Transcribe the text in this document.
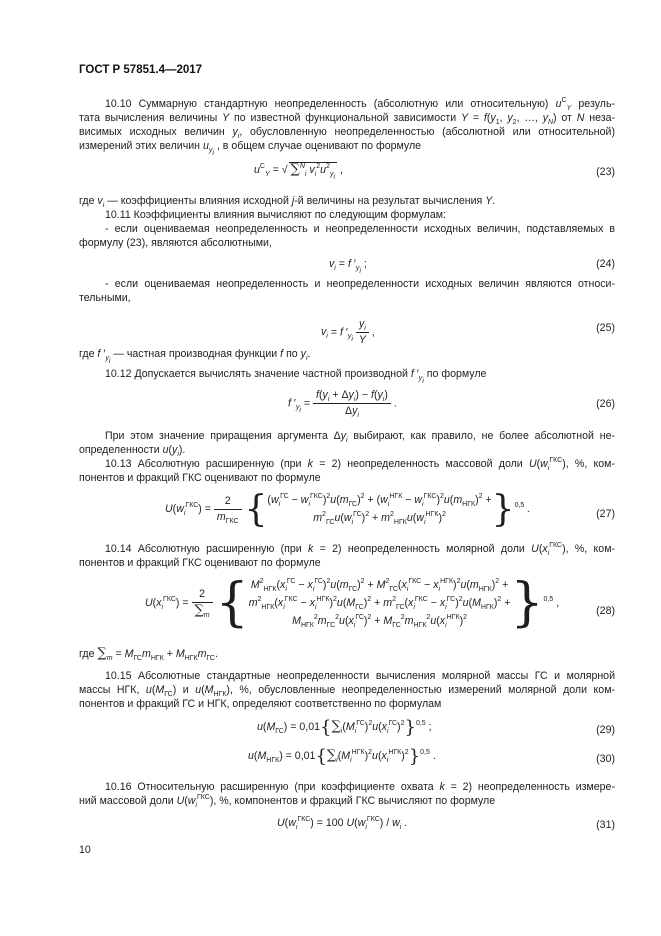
ГОСТ Р 57851.4—2017
10.10 Суммарную стандартную неопределенность (абсолютную или относительную) $u^C_Y$ резуль-
тата вычисления величины Y по известной функциональной зависимости $Y = f(y_1$, $y_2$, …, $y_N$) от N неза-
висимых исходных величин $y_i$, обусловленную неопределенностью (абсолютной или относительной)
измерений этих величин $u_{y_i}$ , в общем случае оценивают по формуле
$u^C_Y$ = √ ∑$^N_i$ $v_i^2u^2_{y_i}$ ,	(23)
где $v_i$ — коэффициенты влияния исходной j-й величины на результат вычисления Y.
10.11 Коэффициенты влияния вычисляют по следующим формулам:
- если оцениваемая неопределенность и неопределенности исходных величин, подставляемых в
формулу (23), являются абсолютными,
$v_i = f$ $'_{y_i}$ ;	(24)
- если оцениваемая неопределенность и неопределенности исходных величин являются относи-
тельными,
$v_i = f$ $'_{y_i} \frac{y_i}{Y}$ ,	(25)
где f $'_{y_i}$ — частная производная функции f по $y_i$.
10.12 Допускается вычислять значение частной производной f $'_{y_i}$ по формуле
f $'_{y_i} = \frac{f(y_i + \Delta y_i) - f(y_i)}{\Delta y_i}$ .	(26)
При этом значение приращения аргумента $\Delta y_i$ выбирают, как правило, не более абсолютной не-
определенности $u(y_i)$.
10.13 Абсолютную расширенную (при k = 2) неопределенность массовой доли $U(w_i^{ГКС})$, %, ком-
понентов и фракций ГКС оценивают по формуле
$U(w_i^{ГКС}) = \frac{2}{m_{ГКС}}$ { $(w_i^{ГС} - w_i^{ГКС})^2u(m_{ГС})^2 + (w_i^{НГК} - w_i^{ГКС})^2u(m_{НГК})^2$ +
$m^2_{ГС}u(w_i^{ГС})^2 + m^2_{НГК}u(w_i^{НГК})^2$	}$^{0,5}$ .	(27)
10.14 Абсолютную расширенную (при k = 2) неопределенность молярной доли $U(x_i^{ГКС})$, %, ком-
понентов и фракций ГКС оценивают по формуле
$U(x_i^{ГКС}) = \frac{2}{\sum_m}$ { $M^2_{НГК}(x_i^{ГС} - x_i^{ГС})^2u(m_{ГС})^2 + M^2_{ГС}(x_i^{ГКС} - x_i^{НГК})^2u(m_{НГК})^2$ +
$m^2_{НГК}(x_i^{ГКС} - x_i^{НГК})^2u(M_{ГС})^2 + m^2_{ГС}(x_i^{ГКС} - x_i^{ГС})^2u(M_{НГК})^2$ +
$M_{НГК}^2m_{ГС}^2u(x_i^{ГС})^2 + M_{ГС}^2m_{НГК}^2u(x_i^{НГК})^2$ }$^{0,5}$ ,
(28)
где $\sum_m = M_{ГС}m_{НГК} + M_{НГК}m_{ГС}$.
10.15 Абсолютные стандартные неопределенности вычисления молярной массы ГС и молярной
массы НГК, $u(M_{ГС})$ и $u(M_{НГК})$, %, обусловленные неопределенностью измерений молярной доли ком-
понентов и фракций ГС и НГК, определяют соответственно по формулам
$u(M_{ГС}) = 0,01\{\sum_i(M_i^{ГС})^2u(x_i^{ГС})^2\}^{0,5}$ ;	(29)
$u(M_{НГК}) = 0,01\{\sum_i(M_i^{НГК})^2u(x_i^{НГК})^2\}^{0,5}$ .	(30)
10.16 Относительную расширенную (при коэффициенте охвата k = 2) неопределенность измере-
ний массовой доли $U(w_i^{ГКС})$, %, компонентов и фракций ГКС вычисляют по формуле
$U(w_i^{ГКС}) = 100$ $U(w_i^{ГКС}) / w_i$ .	(31)
10
